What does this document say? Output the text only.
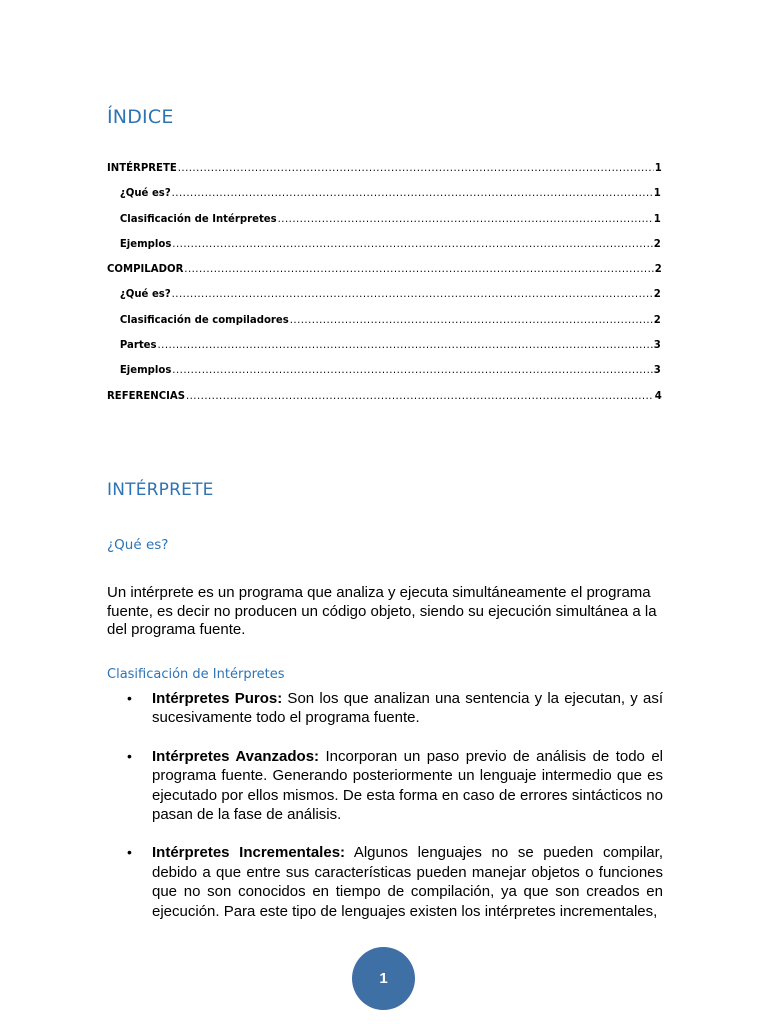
ÍNDICE
INTÉRPRETE .....	1
¿Qué es? .....	1
Clasificación de Intérpretes .....	1
Ejemplos .....	2
COMPILADOR .....	2
¿Qué es? .....	2
Clasificación de compiladores .....	2
Partes .....	3
Ejemplos .....	3
REFERENCIAS .....	4
INTÉRPRETE
¿Qué es?

Un intérprete es un programa que analiza y ejecuta simultáneamente el programa fuente, es decir no producen un código objeto, siendo su ejecución simultánea a la del programa fuente.

Clasificación de Intérpretes
• Intérpretes Puros: Son los que analizan una sentencia y la ejecutan, y así sucesivamente todo el programa fuente.
• Intérpretes Avanzados: Incorporan un paso previo de análisis de todo el programa fuente. Generando posteriormente un lenguaje intermedio que es ejecutado por ellos mismos. De esta forma en caso de errores sintácticos no pasan de la fase de análisis.
• Intérpretes Incrementales: Algunos lenguajes no se pueden compilar, debido a que entre sus características pueden manejar objetos o funciones que no son conocidos en tiempo de compilación, ya que son creados en ejecución. Para este tipo de lenguajes existen los intérpretes incrementales,
1
